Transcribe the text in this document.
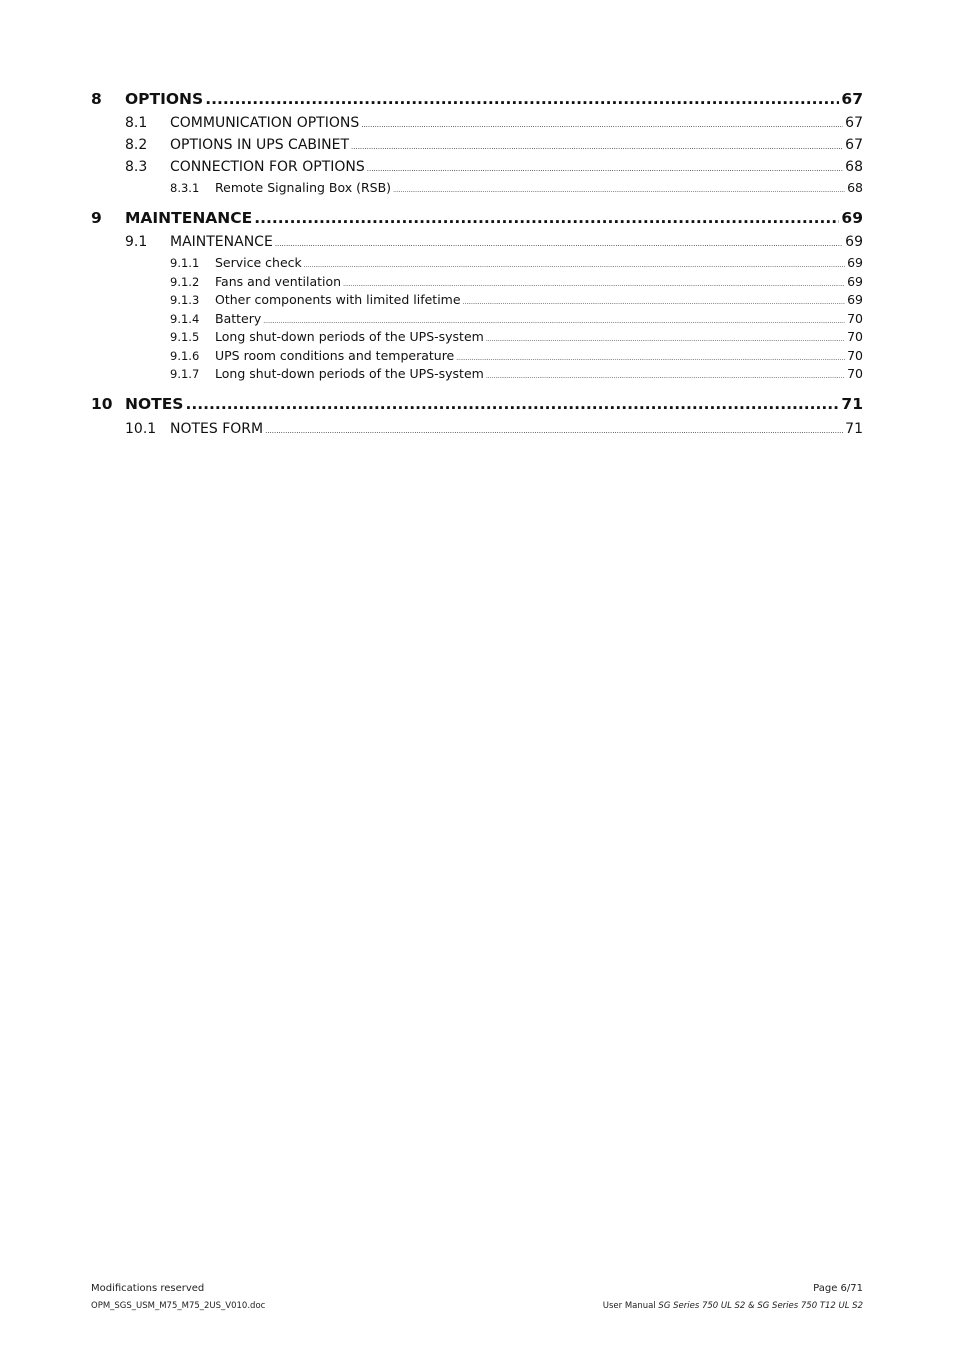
8	OPTIONS .....	67
8.1	COMMUNICATION OPTIONS .....	67
8.2	OPTIONS IN UPS CABINET .....	67
8.3	CONNECTION FOR OPTIONS .....	68
8.3.1	Remote Signaling Box (RSB) .....	68
9	MAINTENANCE .....	69
9.1	MAINTENANCE .....	69
9.1.1	Service check .....	69
9.1.2	Fans and ventilation .....	69
9.1.3	Other components with limited lifetime .....	69
9.1.4	Battery .....	70
9.1.5	Long shut-down periods of the UPS-system .....	70
9.1.6	UPS room conditions and temperature .....	70
9.1.7	Long shut-down periods of the UPS-system .....	70
10 NOTES .....	71
10.1 NOTES FORM .....	71
Modifications reserved	Page 6/71
OPM_SGS_USM_M75_M75_2US_V010.doc	User Manual SG Series 750 UL S2 & SG Series 750 T12 UL S2
